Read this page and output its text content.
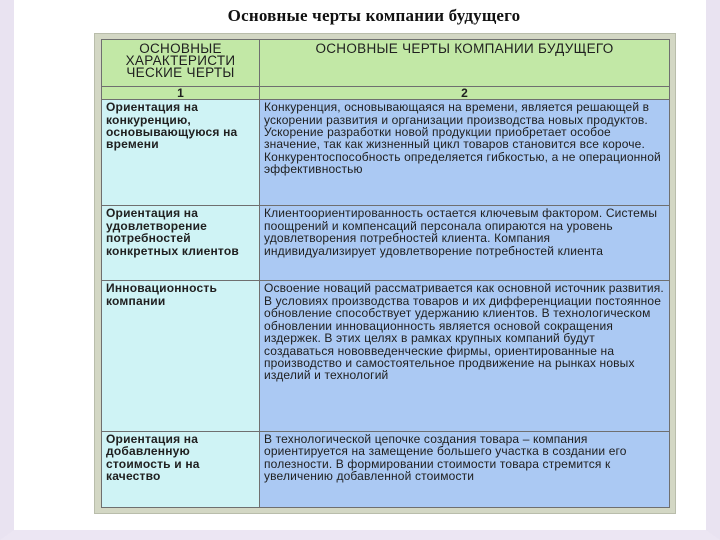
Основные черты компании будущего
ОСНОВНЫЕ ХАРАКТЕРИСТИ ЧЕСКИЕ ЧЕРТЫ	ОСНОВНЫЕ ЧЕРТЫ КОМПАНИИ БУДУЩЕГО
1	2
Ориентация на конкуренцию, основывающуюся на времени	Конкуренция, основывающаяся на времени, является решающей в ускорении развития и организации производства новых продуктов. Ускорение разработки новой продукции приобретает особое значение, так как жизненный цикл товаров становится все короче. Конкурентоспособность определяется гибкостью, а не операционной эффективностью
Ориентация на удовлетворение потребностей конкретных клиентов	Клиентоориентированность остается ключевым фактором. Системы поощрений и компенсаций персонала опираются на уровень удовлетворения потребностей клиента. Компания индивидуализирует удовлетворение потребностей клиента
Инновационность компании	Освоение новаций рассматривается как основной источник развития. В условиях производства товаров и их дифференциации постоянное обновление способствует удержанию клиентов. В технологическом обновлении инновационность является основой сокращения издержек. В этих целях в рамках крупных компаний будут создаваться нововведенческие фирмы, ориентированные на производство и самостоятельное продвижение на рынках новых изделий и технологий
Ориентация на добавленную стоимость и на качество	В технологической цепочке создания товара – компания ориентируется на замещение большего участка в создании его полезности. В формировании стоимости товара стремится к увеличению добавленной стоимости
